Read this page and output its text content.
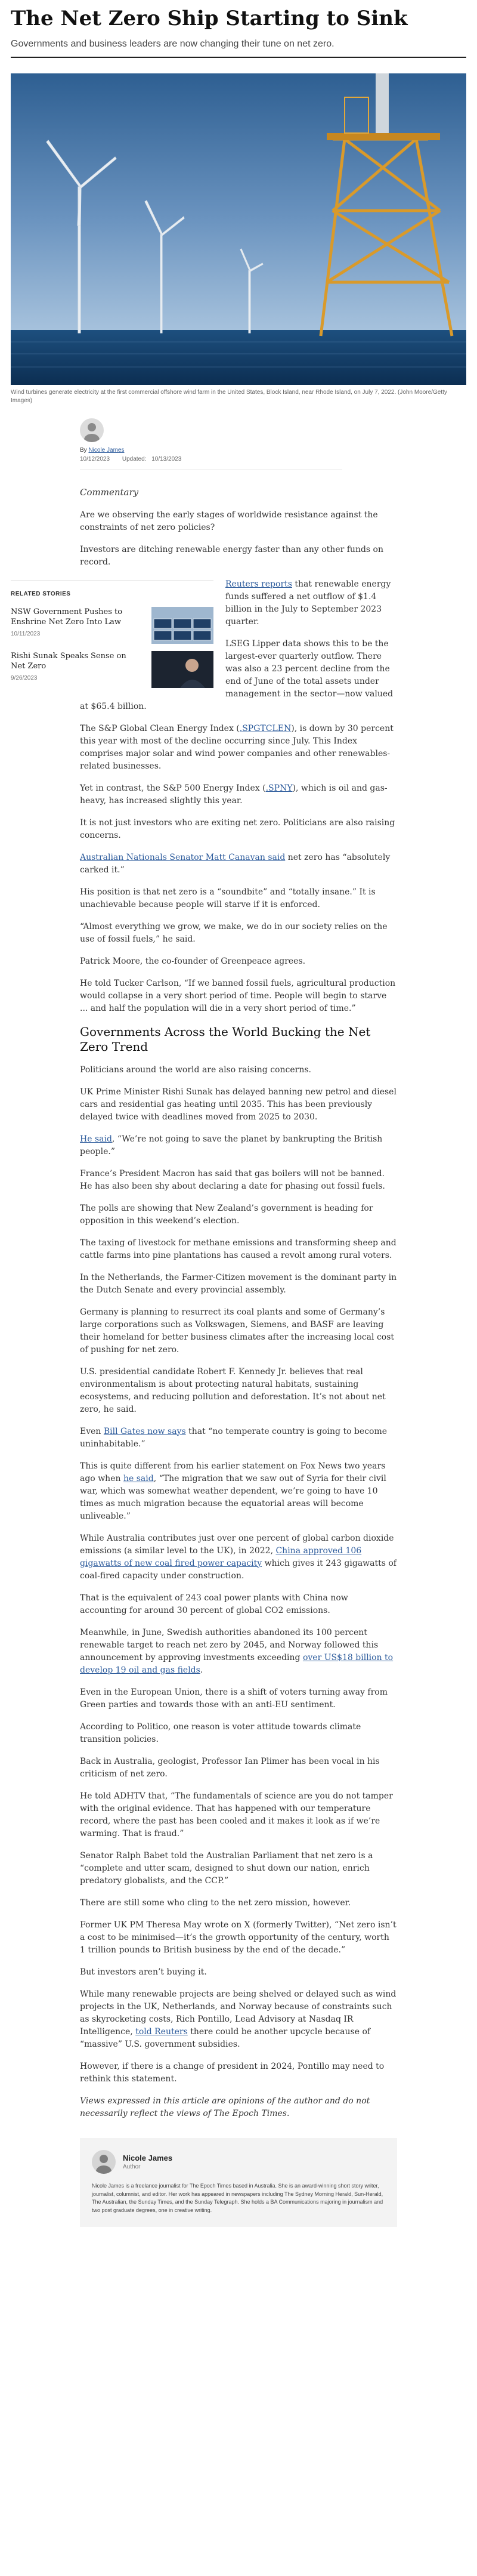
The Net Zero Ship Starting to Sink
Governments and business leaders are now changing their tune on net zero.
Wind turbines generate electricity at the first commercial offshore wind farm in the United States, Block Island, near Rhode Island, on July 7, 2022. (John Moore/Getty Images)
By Nicole James
10/12/2023 Updated: 10/13/2023

Commentary

Are we observing the early stages of worldwide resistance against the constraints of net zero policies?

Investors are ditching renewable energy faster than any other funds on record.

RELATED STORIES
NSW Government Pushes to Enshrine Net Zero Into Law
10/11/2023
Rishi Sunak Speaks Sense on Net Zero
9/26/2023

Reuters reports that renewable energy funds suffered a net outflow of $1.4 billion in the July to September 2023 quarter.

LSEG Lipper data shows this to be the largest-ever quarterly outflow. There was also a 23 percent decline from the end of June of the total assets under management in the sector—now valued at $65.4 billion.

The S&P Global Clean Energy Index (.SPGTCLEN), is down by 30 percent this year with most of the decline occurring since July. This Index comprises major solar and wind power companies and other renewables-related businesses.

Yet in contrast, the S&P 500 Energy Index (.SPNY), which is oil and gas-heavy, has increased slightly this year.

It is not just investors who are exiting net zero. Politicians are also raising concerns.

Australian Nationals Senator Matt Canavan said net zero has “absolutely carked it.”

His position is that net zero is a “soundbite” and “totally insane.” It is unachievable because people will starve if it is enforced.

“Almost everything we grow, we make, we do in our society relies on the use of fossil fuels,” he said.

Patrick Moore, the co-founder of Greenpeace agrees.

He told Tucker Carlson, “If we banned fossil fuels, agricultural production would collapse in a very short period of time. People will begin to starve ... and half the population will die in a very short period of time.”

Governments Across the World Bucking the Net Zero Trend

Politicians around the world are also raising concerns.

UK Prime Minister Rishi Sunak has delayed banning new petrol and diesel cars and residential gas heating until 2035. This has been previously delayed twice with deadlines moved from 2025 to 2030.

He said, “We’re not going to save the planet by bankrupting the British people.”

France’s President Macron has said that gas boilers will not be banned. He has also been shy about declaring a date for phasing out fossil fuels.

The polls are showing that New Zealand’s government is heading for opposition in this weekend’s election.

The taxing of livestock for methane emissions and transforming sheep and cattle farms into pine plantations has caused a revolt among rural voters.

In the Netherlands, the Farmer-Citizen movement is the dominant party in the Dutch Senate and every provincial assembly.

Germany is planning to resurrect its coal plants and some of Germany’s large corporations such as Volkswagen, Siemens, and BASF are leaving their homeland for better business climates after the increasing local cost of pushing for net zero.

U.S. presidential candidate Robert F. Kennedy Jr. believes that real environmentalism is about protecting natural habitats, sustaining ecosystems, and reducing pollution and deforestation. It’s not about net zero, he said.

Even Bill Gates now says that “no temperate country is going to become uninhabitable.”

This is quite different from his earlier statement on Fox News two years ago when he said, “The migration that we saw out of Syria for their civil war, which was somewhat weather dependent, we’re going to have 10 times as much migration because the equatorial areas will become unliveable.”

While Australia contributes just over one percent of global carbon dioxide emissions (a similar level to the UK), in 2022, China approved 106 gigawatts of new coal fired power capacity which gives it 243 gigawatts of coal-fired capacity under construction.

That is the equivalent of 243 coal power plants with China now accounting for around 30 percent of global CO2 emissions.

Meanwhile, in June, Swedish authorities abandoned its 100 percent renewable target to reach net zero by 2045, and Norway followed this announcement by approving investments exceeding over US$18 billion to develop 19 oil and gas fields.

Even in the European Union, there is a shift of voters turning away from Green parties and towards those with an anti-EU sentiment.

According to Politico, one reason is voter attitude towards climate transition policies.

Back in Australia, geologist, Professor Ian Plimer has been vocal in his criticism of net zero.

He told ADHTV that, “The fundamentals of science are you do not tamper with the original evidence. That has happened with our temperature record, where the past has been cooled and it makes it look as if we’re warming. That is fraud.”

Senator Ralph Babet told the Australian Parliament that net zero is a “complete and utter scam, designed to shut down our nation, enrich predatory globalists, and the CCP.”

There are still some who cling to the net zero mission, however.

Former UK PM Theresa May wrote on X (formerly Twitter), “Net zero isn’t a cost to be minimised—it’s the growth opportunity of the century, worth 1 trillion pounds to British business by the end of the decade.”

But investors aren’t buying it.

While many renewable projects are being shelved or delayed such as wind projects in the UK, Netherlands, and Norway because of constraints such as skyrocketing costs, Rich Pontillo, Lead Advisory at Nasdaq IR Intelligence, told Reuters there could be another upcycle because of “massive” U.S. government subsidies.

However, if there is a change of president in 2024, Pontillo may need to rethink this statement.

Views expressed in this article are opinions of the author and do not necessarily reflect the views of The Epoch Times.

Nicole James
Author
Nicole James is a freelance journalist for The Epoch Times based in Australia. She is an award-winning short story writer, journalist, columnist, and editor. Her work has appeared in newspapers including The Sydney Morning Herald, Sun-Herald, The Australian, the Sunday Times, and the Sunday Telegraph. She holds a BA Communications majoring in journalism and two post graduate degrees, one in creative writing.
